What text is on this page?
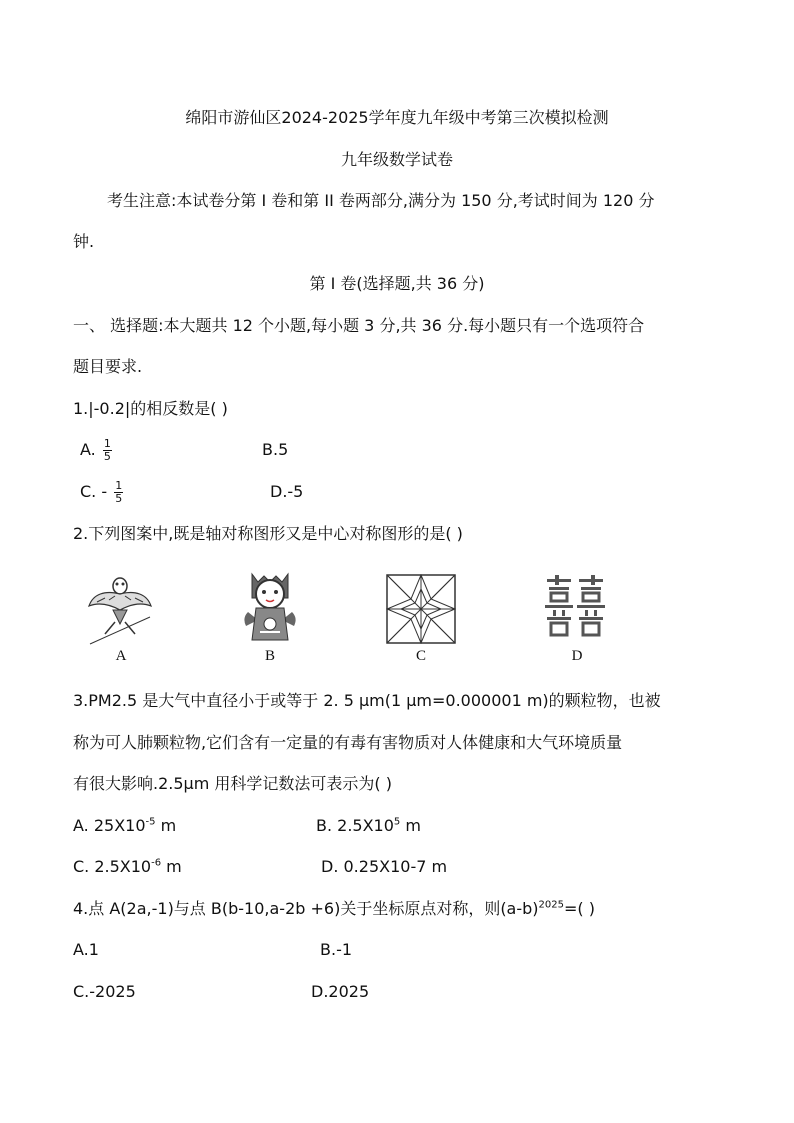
绵阳市游仙区2024-2025学年度九年级中考第三次模拟检测
九年级数学试卷
考生注意:本试卷分第 I 卷和第 II 卷两部分,满分为 150 分,考试时间为 120 分
钟.
第 I 卷(选择题,共 36 分)
一、 选择题:本大题共 12 个小题,每小题 3 分,共 36 分.每小题只有一个选项符合
题目要求.
1.|-0.2|的相反数是( )
A. $\frac{1}{5}$	B.5
C. - $\frac{1}{5}$	D.-5
2.下列图案中,既是轴对称图形又是中心对称图形的是( )
A	B	C	D
3.PM2.5 是大气中直径小于或等于 2. 5 μm(1 μm=0.000001 m)的颗粒物，也被
称为可人肺颗粒物,它们含有一定量的有毒有害物质对人体健康和大气环境质量
有很大影响.2.5μm 用科学记数法可表示为( )
A. $25X10^{-5}$ m	B. $2.5X10^5$ m
C. $2.5X10^{-6}$ m	D. 0.25X10-7 m
4.点 A(2a,-1)与点 B(b-10,a-2b +6)关于坐标原点对称，则$(a-b)^{2025}=$( )
A.1	B.-1
C.-2025	D.2025
